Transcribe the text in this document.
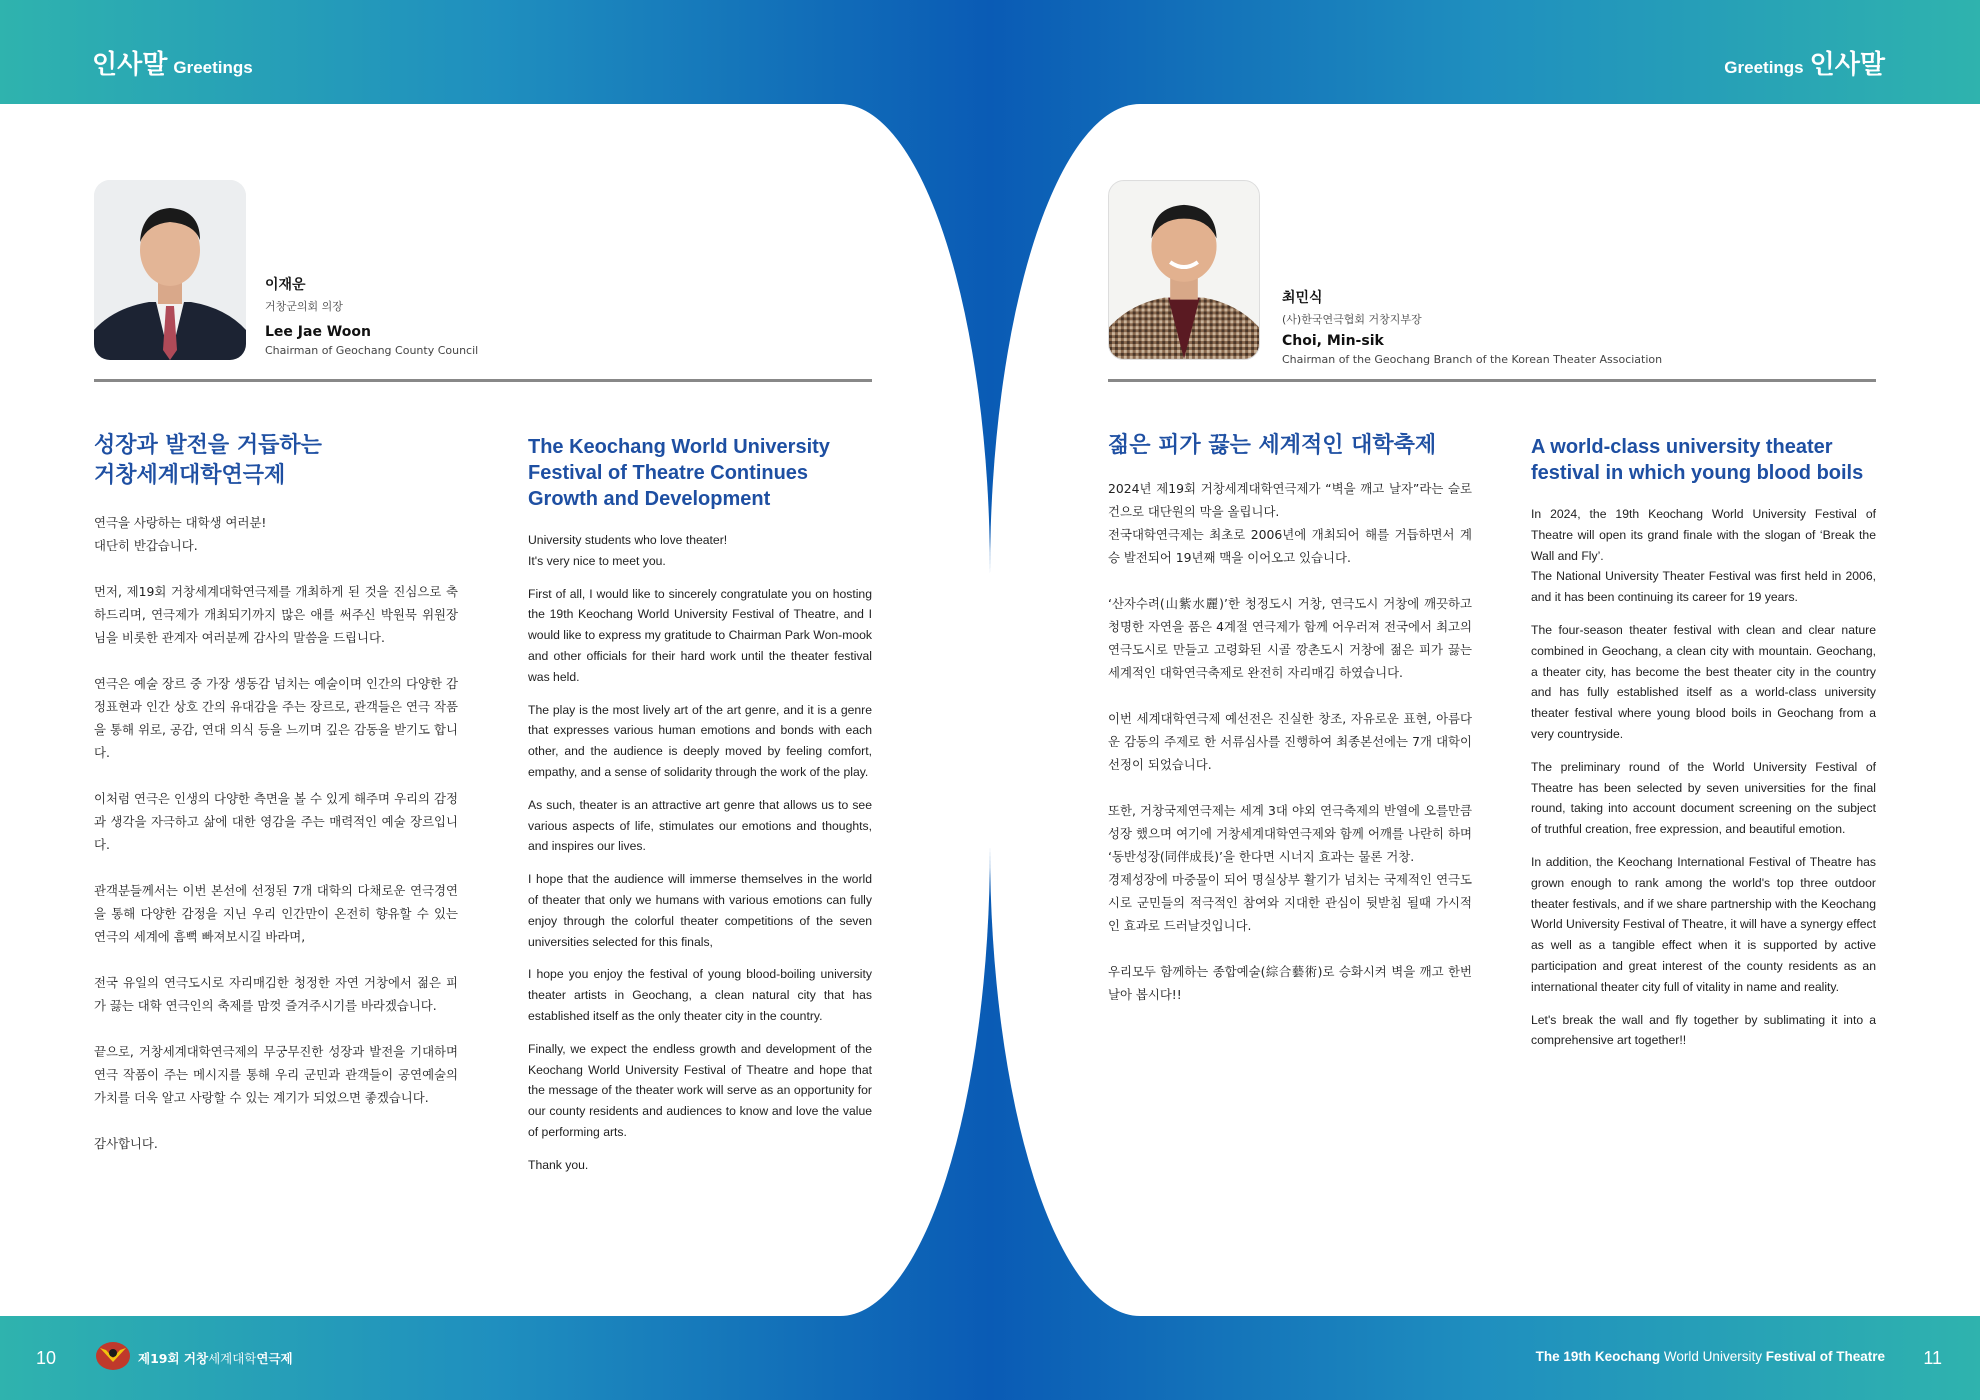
인사말 Greetings	Greetings 인사말
이재운
거창군의회 의장
Lee Jae Woon
Chairman of Geochang County Council
성장과 발전을 거듭하는
거창세계대학연극제

연극을 사랑하는 대학생 여러분!
대단히 반갑습니다.

먼저, 제19회 거창세계대학연극제를 개최하게 된 것을 진심으로 축하드리며, 연극제가 개최되기까지 많은 애를 써주신 박원묵 위원장님을 비롯한 관계자 여러분께 감사의 말씀을 드립니다.

연극은 예술 장르 중 가장 생동감 넘치는 예술이며 인간의 다양한 감정표현과 인간 상호 간의 유대감을 주는 장르로, 관객들은 연극 작품을 통해 위로, 공감, 연대 의식 등을 느끼며 깊은 감동을 받기도 합니다.

이처럼 연극은 인생의 다양한 측면을 볼 수 있게 해주며 우리의 감정과 생각을 자극하고 삶에 대한 영감을 주는 매력적인 예술 장르입니다.

관객분들께서는 이번 본선에 선정된 7개 대학의 다채로운 연극경연을 통해 다양한 감정을 지닌 우리 인간만이 온전히 향유할 수 있는 연극의 세계에 흠뻑 빠져보시길 바라며,

전국 유일의 연극도시로 자리매김한 청정한 자연 거창에서 젊은 피가 끓는 대학 연극인의 축제를 맘껏 즐겨주시기를 바라겠습니다.

끝으로, 거창세계대학연극제의 무궁무진한 성장과 발전을 기대하며 연극 작품이 주는 메시지를 통해 우리 군민과 관객들이 공연예술의 가치를 더욱 알고 사랑할 수 있는 계기가 되었으면 좋겠습니다.

감사합니다.

The Keochang World University Festival of Theatre Continues Growth and Development

University students who love theater!
It's very nice to meet you.

First of all, I would like to sincerely congratulate you on hosting the 19th Keochang World University Festival of Theatre, and I would like to express my gratitude to Chairman Park Won-mook and other officials for their hard work until the theater festival was held.

The play is the most lively art of the art genre, and it is a genre that expresses various human emotions and bonds with each other, and the audience is deeply moved by feeling comfort, empathy, and a sense of solidarity through the work of the play.

As such, theater is an attractive art genre that allows us to see various aspects of life, stimulates our emotions and thoughts, and inspires our lives.

I hope that the audience will immerse themselves in the world of theater that only we humans with various emotions can fully enjoy through the colorful theater competitions of the seven universities selected for this finals,

I hope you enjoy the festival of young blood-boiling university theater artists in Geochang, a clean natural city that has established itself as the only theater city in the country.

Finally, we expect the endless growth and development of the Keochang World University Festival of Theatre and hope that the message of the theater work will serve as an opportunity for our county residents and audiences to know and love the value of performing arts.

Thank you.

최민식
(사)한국연극협회 거창지부장
Choi, Min-sik
Chairman of the Geochang Branch of the Korean Theater Association
젊은 피가 끓는 세계적인 대학축제

2024년 제19회 거창세계대학연극제가 “벽을 깨고 날자”라는 슬로건으로 대단원의 막을 올립니다.
전국대학연극제는 최초로 2006년에 개최되어 해를 거듭하면서 계승 발전되어 19년째 맥을 이어오고 있습니다.

‘산자수려(山紫水麗)’한 청정도시 거창, 연극도시 거창에 깨끗하고 청명한 자연을 품은 4계절 연극제가 함께 어우러져 전국에서 최고의 연극도시로 만들고 고령화된 시골 깡촌도시 거창에 젊은 피가 끓는 세계적인 대학연극축제로 완전히 자리매김 하였습니다.

이번 세계대학연극제 예선전은 진실한 창조, 자유로운 표현, 아름다운 감동의 주제로 한 서류심사를 진행하여 최종본선에는 7개 대학이 선정이 되었습니다.

또한, 거창국제연극제는 세계 3대 야외 연극축제의 반열에 오를만큼 성장 했으며 여기에 거창세계대학연극제와 함께 어깨를 나란히 하며 ‘동반성장(同伴成長)’을 한다면 시너지 효과는 물론 거창.
경제성장에 마중물이 되어 명실상부 활기가 넘치는 국제적인 연극도시로 군민들의 적극적인 참여와 지대한 관심이 뒷받침 될때 가시적인 효과로 드러날것입니다.

우리모두 함께하는 종합예술(綜合藝術)로 승화시켜 벽을 깨고 한번 날아 봅시다!!

A world-class university theater festival in which young blood boils

In 2024, the 19th Keochang World University Festival of Theatre will open its grand finale with the slogan of ‘Break the Wall and Fly’.
The National University Theater Festival was first held in 2006, and it has been continuing its career for 19 years.

The four-season theater festival with clean and clear nature combined in Geochang, a clean city with mountain. Geochang, a theater city, has become the best theater city in the country and has fully established itself as a world-class university theater festival where young blood boils in Geochang from a very countryside.

The preliminary round of the World University Festival of Theatre has been selected by seven universities for the final round, taking into account document screening on the subject of truthful creation, free expression, and beautiful emotion.

In addition, the Keochang International Festival of Theatre has grown enough to rank among the world's top three outdoor theater festivals, and if we share partnership with the Keochang World University Festival of Theatre, it will have a synergy effect as well as a tangible effect when it is supported by active participation and great interest of the county residents as an international theater city full of vitality in name and reality.

Let's break the wall and fly together by sublimating it into a comprehensive art together!!

10	제19회 거창세계대학연극제	The 19th Keochang World University Festival of Theatre 11
